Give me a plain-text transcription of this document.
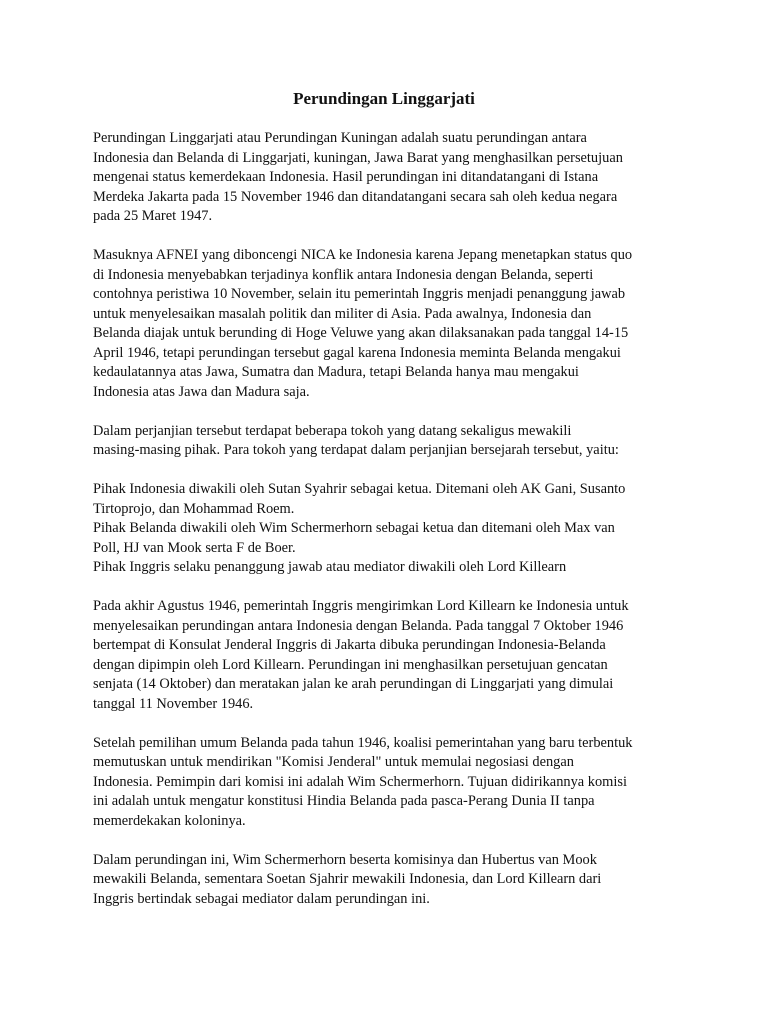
Perundingan Linggarjati

Perundingan Linggarjati atau Perundingan Kuningan adalah suatu perundingan antara
Indonesia dan Belanda di Linggarjati, kuningan, Jawa Barat yang menghasilkan persetujuan
mengenai status kemerdekaan Indonesia. Hasil perundingan ini ditandatangani di Istana
Merdeka Jakarta pada 15 November 1946 dan ditandatangani secara sah oleh kedua negara
pada 25 Maret 1947.

Masuknya AFNEI yang diboncengi NICA ke Indonesia karena Jepang menetapkan status quo
di Indonesia menyebabkan terjadinya konflik antara Indonesia dengan Belanda, seperti
contohnya peristiwa 10 November, selain itu pemerintah Inggris menjadi penanggung jawab
untuk menyelesaikan masalah politik dan militer di Asia. Pada awalnya, Indonesia dan
Belanda diajak untuk berunding di Hoge Veluwe yang akan dilaksanakan pada tanggal 14-15
April 1946, tetapi perundingan tersebut gagal karena Indonesia meminta Belanda mengakui
kedaulatannya atas Jawa, Sumatra dan Madura, tetapi Belanda hanya mau mengakui
Indonesia atas Jawa dan Madura saja.

Dalam perjanjian tersebut terdapat beberapa tokoh yang datang sekaligus mewakili
masing-masing pihak. Para tokoh yang terdapat dalam perjanjian bersejarah tersebut, yaitu:

Pihak Indonesia diwakili oleh Sutan Syahrir sebagai ketua. Ditemani oleh AK Gani, Susanto
Tirtoprojo, dan Mohammad Roem.
Pihak Belanda diwakili oleh Wim Schermerhorn sebagai ketua dan ditemani oleh Max van
Poll, HJ van Mook serta F de Boer.
Pihak Inggris selaku penanggung jawab atau mediator diwakili oleh Lord Killearn

Pada akhir Agustus 1946, pemerintah Inggris mengirimkan Lord Killearn ke Indonesia untuk
menyelesaikan perundingan antara Indonesia dengan Belanda. Pada tanggal 7 Oktober 1946
bertempat di Konsulat Jenderal Inggris di Jakarta dibuka perundingan Indonesia-Belanda
dengan dipimpin oleh Lord Killearn. Perundingan ini menghasilkan persetujuan gencatan
senjata (14 Oktober) dan meratakan jalan ke arah perundingan di Linggarjati yang dimulai
tanggal 11 November 1946.

Setelah pemilihan umum Belanda pada tahun 1946, koalisi pemerintahan yang baru terbentuk
memutuskan untuk mendirikan "Komisi Jenderal" untuk memulai negosiasi dengan
Indonesia. Pemimpin dari komisi ini adalah Wim Schermerhorn. Tujuan didirikannya komisi
ini adalah untuk mengatur konstitusi Hindia Belanda pada pasca-Perang Dunia II tanpa
memerdekakan koloninya.

Dalam perundingan ini, Wim Schermerhorn beserta komisinya dan Hubertus van Mook
mewakili Belanda, sementara Soetan Sjahrir mewakili Indonesia, dan Lord Killearn dari
Inggris bertindak sebagai mediator dalam perundingan ini.
